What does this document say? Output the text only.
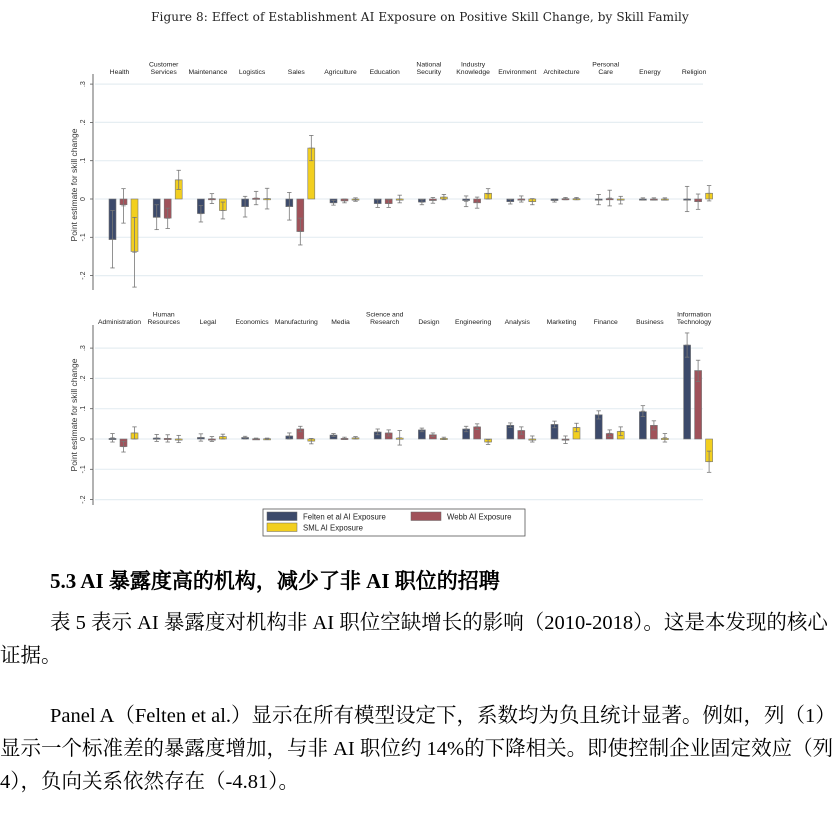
Figure 8: Effect of Establishment AI Exposure on Positive Skill Change, by Skill Family
.3
.2
.1
0
-.1
-.2
Point estimate for skill change
Health
Customer
Services Maintenance Logistics	Sales	Agriculture Education
National
Security
Industry
Knowledge Environment Architecture
Personal
Care	Energy	Religion
.3
.2
.1
0
-.1
-.2
Point estimate for skill change
Administration
Human
Resources	Legal	Economics Manufacturing Media
Science and
Research	Design Engineering Analysis Marketing	Finance	Business
Information
Technology
Felten et al AI Exposure	Webb AI Exposure
SML AI Exposure
5.3 AI 暴露度高的机构，减少了非 AI 职位的招聘
表 5 表示 AI 暴露度对机构非 AI 职位空缺增长的影响（2010-2018）。这是本发现的核心证据。
Panel A（Felten et al.）显示在所有模型设定下，系数均为负且统计显著。例如，列（1）显示一个标准差的暴露度增加，与非 AI 职位约 14%的下降相关。即使控制企业固定效应（列 4），负向关系依然存在（-4.81）。
